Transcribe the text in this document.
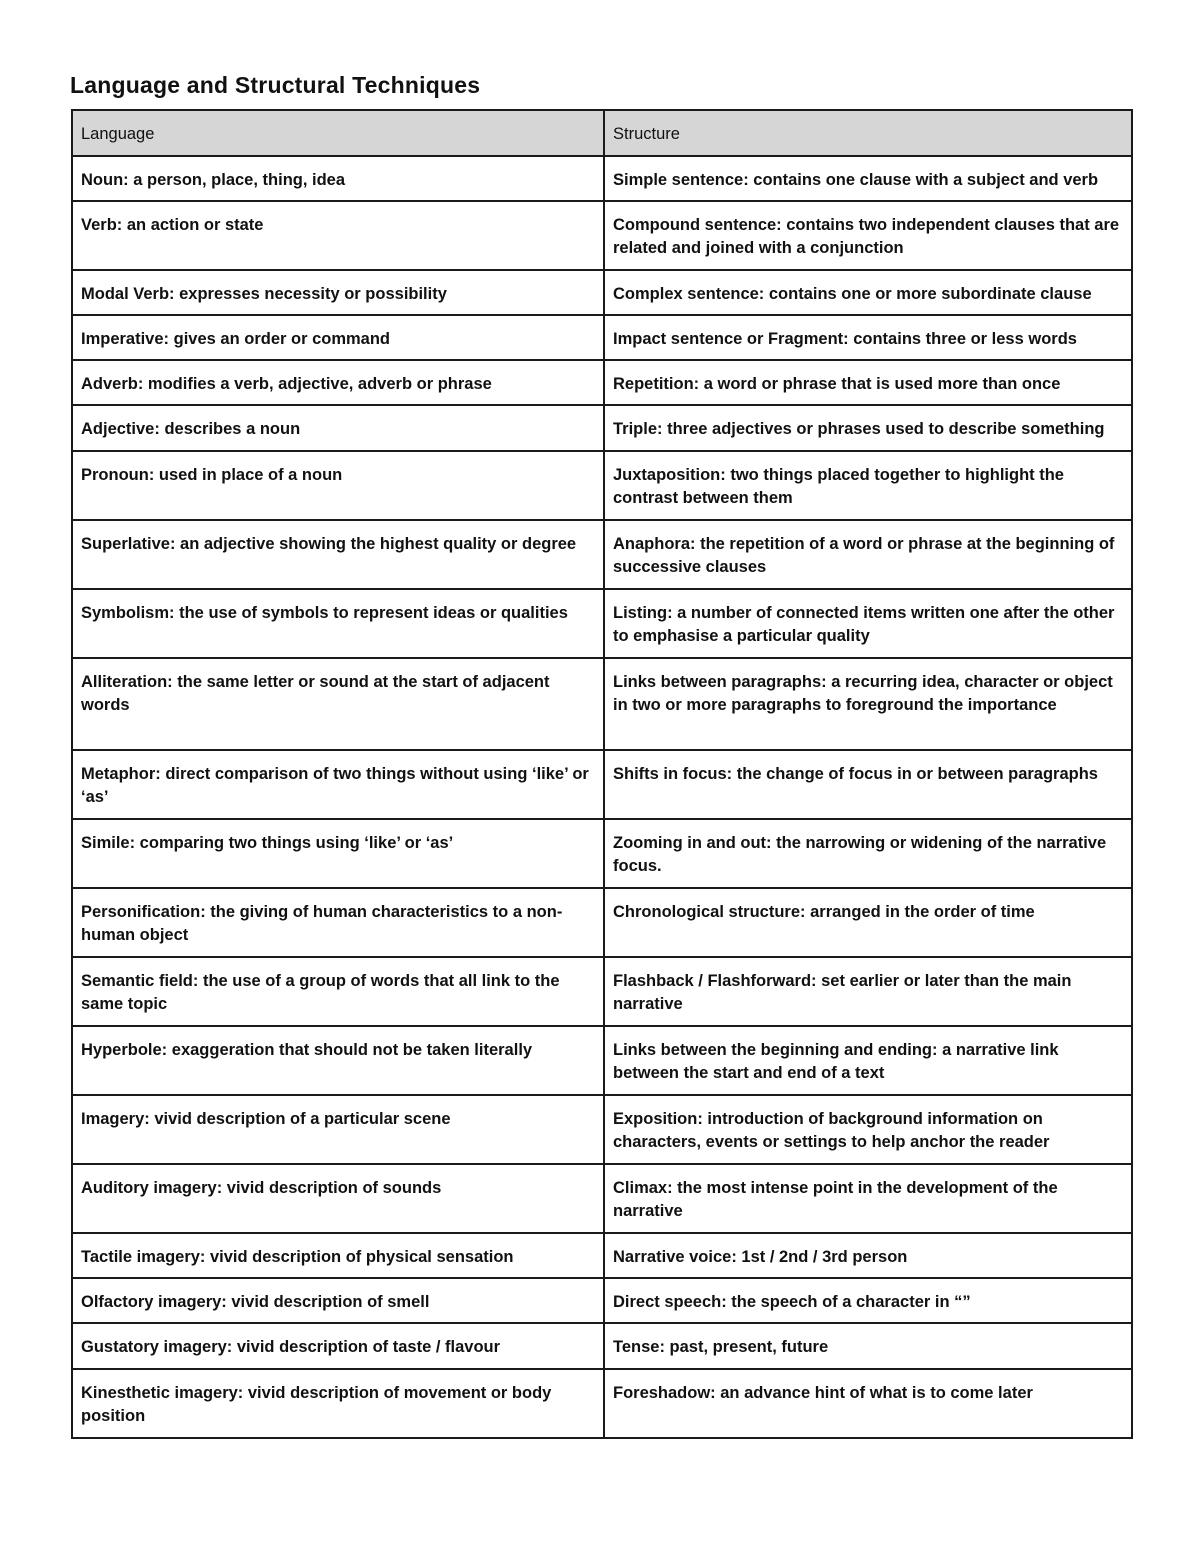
Language and Structural Techniques
Language	Structure
Noun: a person, place, thing, idea	Simple sentence: contains one clause with a subject and verb
Verb: an action or state	Compound sentence: contains two independent clauses that are related and joined with a conjunction
Modal Verb: expresses necessity or possibility	Complex sentence: contains one or more subordinate clause
Imperative: gives an order or command	Impact sentence or Fragment: contains three or less words
Adverb: modifies a verb, adjective, adverb or phrase	Repetition: a word or phrase that is used more than once
Adjective: describes a noun	Triple: three adjectives or phrases used to describe something
Pronoun: used in place of a noun	Juxtaposition: two things placed together to highlight the contrast between them
Superlative: an adjective showing the highest quality or degree	Anaphora: the repetition of a word or phrase at the beginning of successive clauses
Symbolism: the use of symbols to represent ideas or qualities	Listing: a number of connected items written one after the other to emphasise a particular quality
Alliteration: the same letter or sound at the start of adjacent words	Links between paragraphs: a recurring idea, character or object in two or more paragraphs to foreground the importance
Metaphor: direct comparison of two things without using ‘like’ or ‘as’	Shifts in focus: the change of focus in or between paragraphs
Simile: comparing two things using ‘like’ or ‘as’	Zooming in and out: the narrowing or widening of the narrative focus.
Personification: the giving of human characteristics to a non-human object	Chronological structure: arranged in the order of time
Semantic field: the use of a group of words that all link to the same topic	Flashback / Flashforward: set earlier or later than the main narrative
Hyperbole: exaggeration that should not be taken literally	Links between the beginning and ending: a narrative link between the start and end of a text
Imagery: vivid description of a particular scene	Exposition: introduction of background information on characters, events or settings to help anchor the reader
Auditory imagery: vivid description of sounds	Climax: the most intense point in the development of the narrative
Tactile imagery: vivid description of physical sensation	Narrative voice: 1st / 2nd / 3rd person
Olfactory imagery: vivid description of smell	Direct speech: the speech of a character in “”
Gustatory imagery: vivid description of taste / flavour	Tense: past, present, future
Kinesthetic imagery: vivid description of movement or body position	Foreshadow: an advance hint of what is to come later
